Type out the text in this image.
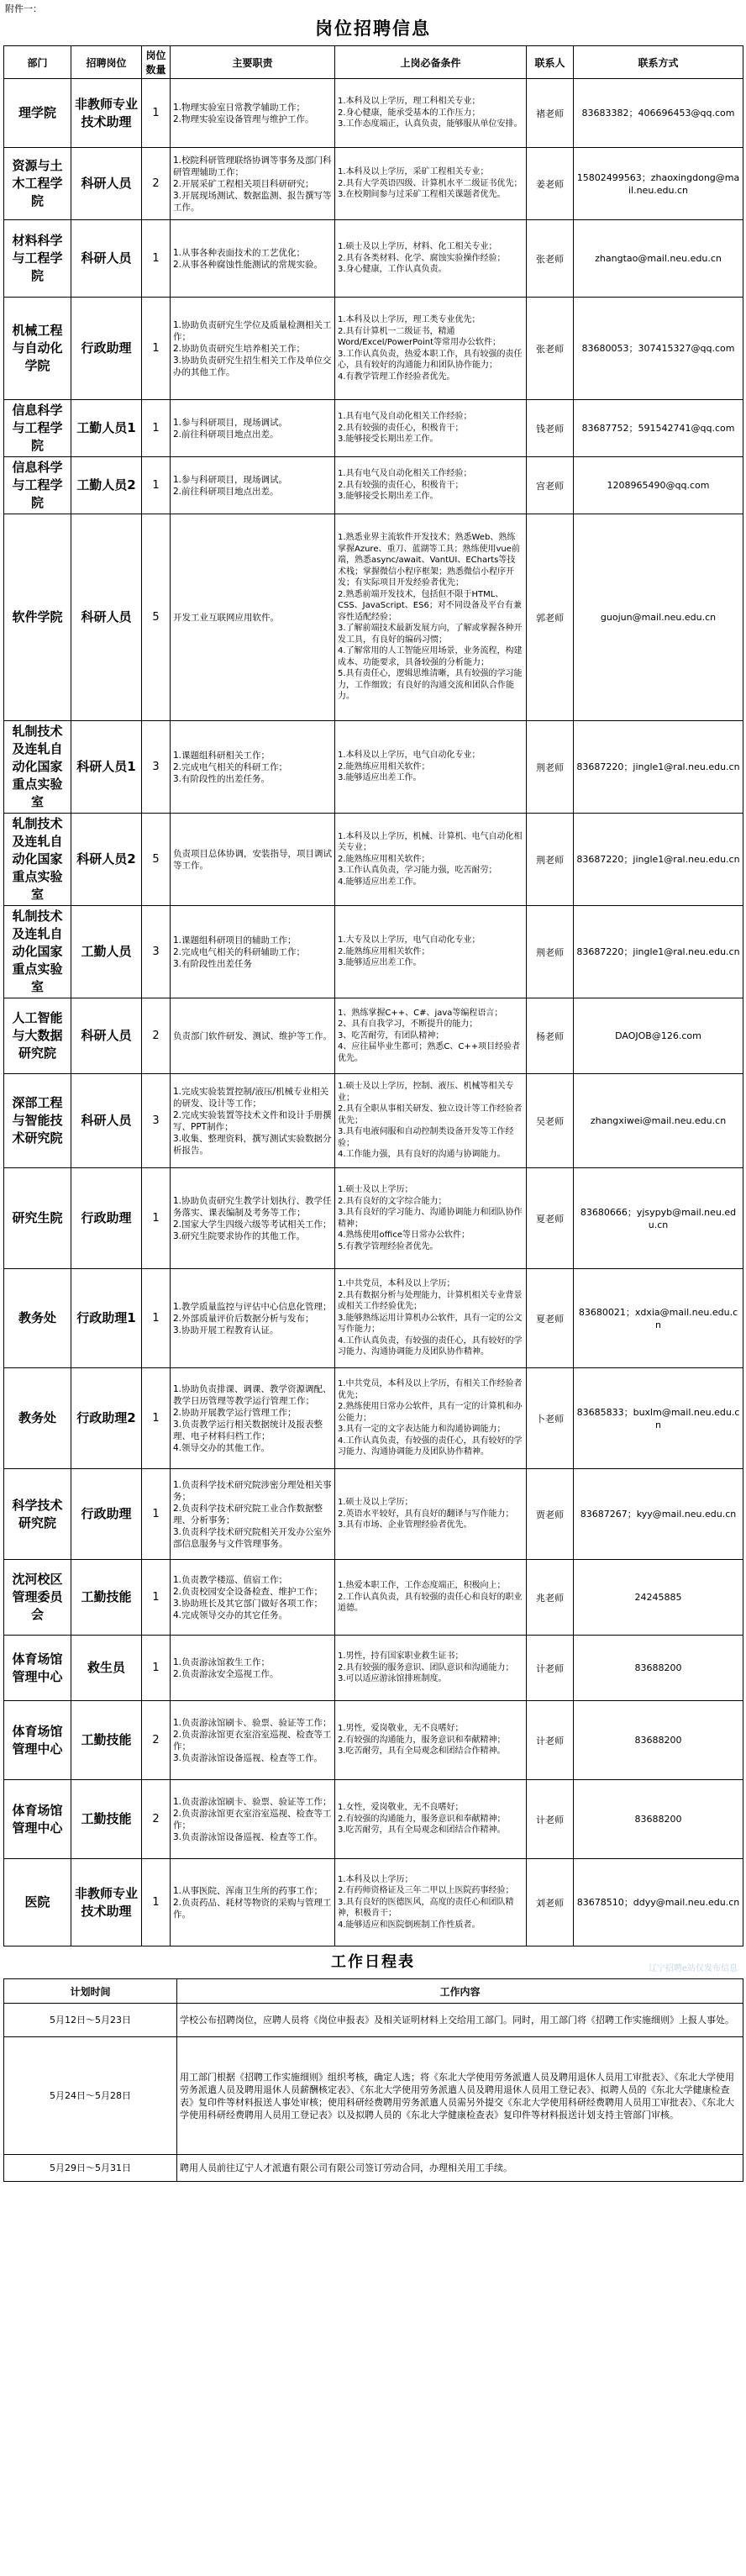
附件一：
岗位招聘信息
部门	招聘岗位	岗位数量	主要职责	上岗必备条件	联系人	联系方式
理学院	非教师专业技术助理	1	1.物理实验室日常教学辅助工作；
2.物理实验室设备管理与维护工作。	1.本科及以上学历，理工科相关专业；
2.身心健康，能承受基本的工作压力；
3.工作态度端正，认真负责，能够服从单位安排。	褚老师	83683382；406696453@qq.com
资源与土木工程学院	科研人员	2	1.校院科研管理联络协调等事务及部门科研管理辅助工作；
2.开展采矿工程相关项目科研研究；
3.开展现场测试、数据监测、报告撰写等工作。	1.本科及以上学历，采矿工程相关专业；
2.具有大学英语四级、计算机水平二级证书优先；
3.在校期间参与过采矿工程相关课题者优先。	姜老师	15802499563；zhaoxingdong@mail.neu.edu.cn
材料科学与工程学院	科研人员	1	1.从事各种表面技术的工艺优化；
2.从事各种腐蚀性能测试的常规实验。	1.硕士及以上学历，材料、化工相关专业；
2.具有各类材料、化学、腐蚀实验操作经验；
3.身心健康，工作认真负责。	张老师	zhangtao@mail.neu.edu.cn
机械工程与自动化学院	行政助理	1	1.协助负责研究生学位及质量检测相关工作；
2.协助负责研究生培养相关工作；
3.协助负责研究生招生相关工作及单位交办的其他工作。	1.本科及以上学历，理工类专业优先；
2.具有计算机一二级证书，精通Word/Excel/PowerPoint等常用办公软件；
3.工作认真负责，热爱本职工作，具有较强的责任心，具有较好的沟通能力和团队协作能力；
4.有教学管理工作经验者优先。	张老师	83680053；307415327@qq.com
信息科学与工程学院	工勤人员1	1	1.参与科研项目，现场调试。
2.前往科研项目地点出差。	1.具有电气及自动化相关工作经验；
2.具有较强的责任心，积极肯干；
3.能够接受长期出差工作。	钱老师	83687752；591542741@qq.com
信息科学与工程学院	工勤人员2	1	1.参与科研项目，现场调试。
2.前往科研项目地点出差。	1.具有电气及自动化相关工作经验；
2.具有较强的责任心，积极肯干；
3.能够接受长期出差工作。	宫老师	1208965490@qq.com
软件学院	科研人员	5	开发工业互联网应用软件。	1.熟悉业界主流软件开发技术；熟悉Web、熟练掌握Azure、重刀、蓝湖等工具；熟练使用vue前端，熟悉async/await、VantUI、ECharts等技术栈；掌握微信小程序框架；熟悉微信小程序开发；有实际项目开发经验者优先；
2.熟悉前端开发技术，包括但不限于HTML、CSS、JavaScript、ES6；对不同设备及平台有兼容性适配经验；
3.了解前端技术最新发展方向，了解或掌握各种开发工具，有良好的编码习惯；
4.了解常用的人工智能应用场景，业务流程，构建成本、功能要求，具备较强的分析能力；
5.具有责任心，逻辑思维清晰，具有较强的学习能力，工作细致；有良好的沟通交流和团队合作能力。	郭老师	guojun@mail.neu.edu.cn
轧制技术及连轧自动化国家重点实验室	科研人员1	3	1.课题组科研相关工作；
2.完成电气相关的科研工作；
3.有阶段性的出差任务。	1.本科及以上学历，电气自动化专业；
2.能熟练应用相关软件；
3.能够适应出差工作。	荆老师	83687220；jingle1@ral.neu.edu.cn
轧制技术及连轧自动化国家重点实验室	科研人员2	5	负责项目总体协调，安装指导，项目调试等工作。	1.本科及以上学历，机械、计算机、电气自动化相关专业；
2.能熟练应用相关软件；
3.工作认真负责，学习能力强，吃苦耐劳；
4.能够适应出差工作。	荆老师	83687220；jingle1@ral.neu.edu.cn
轧制技术及连轧自动化国家重点实验室	工勤人员	3	1.课题组科研项目的辅助工作；
2.完成电气相关的科研辅助工作；
3.有阶段性出差任务	1.大专及以上学历，电气自动化专业；
2.能熟练应用相关软件；
3.能够适应出差工作。	荆老师	83687220；jingle1@ral.neu.edu.cn
人工智能与大数据研究院	科研人员	2	负责部门软件研发、测试、维护等工作。	1、熟练掌握C++、C#、java等编程语言；
2、具有自我学习，不断提升的能力；
3、吃苦耐劳，有团队精神；
4、应往届毕业生都可；熟悉C、C++项目经验者优先。	杨老师	DAOJOB@126.com
深部工程与智能技术研究院	科研人员	3	1.完成实验装置控制/液压/机械专业相关的研发、设计等工作；
2.完成实验装置等技术文件和设计手册撰写、PPT制作；
3.收集、整理资料，撰写测试实验数据分析报告。	1.硕士及以上学历，控制、液压、机械等相关专业；
2.具有全职从事相关研发、独立设计等工作经验者优先；
3.具有电液伺服和自动控制类设备开发等工作经验；
4.工作能力强，具有良好的沟通与协调能力。	吴老师	zhangxiwei@mail.neu.edu.cn
研究生院	行政助理	1	1.协助负责研究生教学计划执行、教学任务落实、课表编制及考务等工作；
2.国家大学生四级六级等考试相关工作；
3.研究生院要求协作的其他工作。	1.硕士及以上学历；
2.具有良好的文字综合能力；
3.具有良好的学习能力、沟通协调能力和团队协作精神；
4.熟练使用office等日常办公软件；
5.有教学管理经验者优先。	夏老师	83680666；yjsypyb@mail.neu.edu.cn
教务处	行政助理1	1	1.教学质量监控与评估中心信息化管理；
2.外部质量评价后数据分析与发布；
3.协助开展工程教育认证。	1.中共党员，本科及以上学历；
2.具有数据分析与处理能力，计算机相关专业背景或相关工作经验优先；
3.能够熟练运用计算机办公软件，具有一定的公文写作能力；
4.工作认真负责，有较强的责任心，具有较好的学习能力、沟通协调能力及团队协作精神。	夏老师	83680021；xdxia@mail.neu.edu.cn
教务处	行政助理2	1	1.协助负责排课、调课、教学资源调配、教学日历管理等教学运行管理工作；
2.协助开展教学运行管理工作；
3.负责教学运行相关数据统计及报表整理、电子材料归档工作；
4.领导交办的其他工作。	1.中共党员，本科及以上学历，有相关工作经验者优先；
2.熟练使用日常办公软件，具有一定的计算机和办公能力；
3.具有一定的文字表达能力和沟通协调能力；
4.工作认真负责，有较强的责任心，具有较好的学习能力、沟通协调能力及团队协作精神。	卜老师	83685833；buxlm@mail.neu.edu.cn
科学技术研究院	行政助理	1	1.负责科学技术研究院涉密分理处相关事务；
2.负责科学技术研究院工业合作数据整理、分析事务；
3.负责科学技术研究院相关开发办公室外部信息服务与文件管理事务。	1.硕士及以上学历；
2.英语水平较好，具有良好的翻译与写作能力；
3.具有市场、企业管理经验者优先。	贾老师	83687267；kyy@mail.neu.edu.cn
沈河校区管理委员会	工勤技能	1	1.负责教学楼巡、值宿工作；
2.负责校园安全设备检查、维护工作；
3.协助班长及其它部门做好各项工作；
4.完成领导交办的其它任务。	1.热爱本职工作，工作态度端正，积极向上；
2.工作认真负责，具有较强的责任心和良好的职业道德。	兆老师	24245885
体育场馆管理中心	救生员	1	1.负责游泳馆救生工作；
2.负责游泳安全巡视工作。	1.男性，持有国家职业救生证书；
2.具有较强的服务意识、团队意识和沟通能力；
3.可以适应游泳馆排班制度。	计老师	83688200
体育场馆管理中心	工勤技能	2	1.负责游泳馆刷卡、验票、验证等工作；
2.负责游泳馆更衣室浴室巡视、检查等工作；
3.负责游泳馆设备巡视、检查等工作。	1.男性，爱岗敬业，无不良嗜好；
2.有较强的沟通能力，服务意识和奉献精神；
3.吃苦耐劳，具有全局观念和团结合作精神。	计老师	83688200
体育场馆管理中心	工勤技能	2	1.负责游泳馆刷卡、验票、验证等工作；
2.负责游泳馆更衣室浴室巡视、检查等工作；
3.负责游泳馆设备巡视、检查等工作。	1.女性，爱岗敬业，无不良嗜好；
2.有较强的沟通能力，服务意识和奉献精神；
3.吃苦耐劳，具有全局观念和团结合作精神。	计老师	83688200
医院	非教师专业技术助理	1	1.从事医院、浑南卫生所的药事工作；
2.负责药品、耗材等物资的采购与管理工作。	1.本科及以上学历；
2.有药师资格证及三年二甲以上医院药事经验；
3.具有良好的医德医风，高度的责任心和团队精神，积极肯干；
4.能够适应和医院倒班制工作性质者。	刘老师	83678510；ddyy@mail.neu.edu.cn
工作日程表	辽宁招聘e站仅发布信息
计划时间	工作内容
5月12日～5月23日	学校公布招聘岗位，应聘人员将《岗位申报表》及相关证明材料上交给用工部门。同时，用工部门将《招聘工作实施细则》上报人事处。
5月24日～5月28日	用工部门根据《招聘工作实施细则》组织考核，确定人选；将《东北大学使用劳务派遣人员及聘用退休人员用工审批表》、《东北大学使用劳务派遣人员及聘用退休人员薪酬核定表》、《东北大学使用劳务派遣人员及聘用退休人员用工登记表》、拟聘人员的《东北大学健康检查表》复印件等材料报送人事处审核；使用科研经费聘用劳务派遣人员需另外提交《东北大学使用科研经费聘用人员用工审批表》、《东北大学使用科研经费聘用人员用工登记表》以及拟聘人员的《东北大学健康检查表》复印件等材料报送计划支持主管部门审核。
5月29日～5月31日	聘用人员前往辽宁人才派遣有限公司有限公司签订劳动合同，办理相关用工手续。
